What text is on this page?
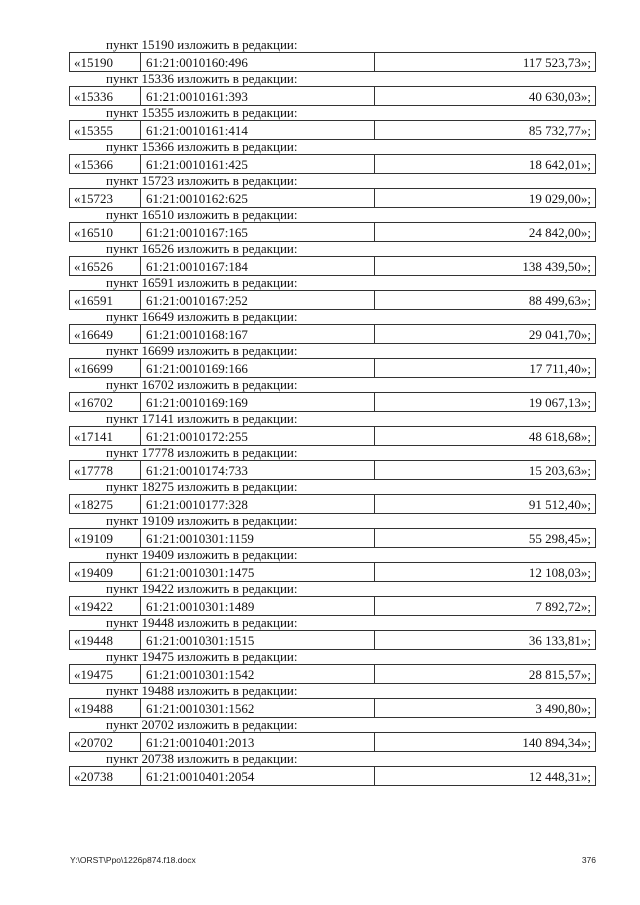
пункт 15190 изложить в редакции:
«15190	61:21:0010160:496	117 523,73»;
пункт 15336 изложить в редакции:
«15336	61:21:0010161:393	40 630,03»;
пункт 15355 изложить в редакции:
«15355	61:21:0010161:414	85 732,77»;
пункт 15366 изложить в редакции:
«15366	61:21:0010161:425	18 642,01»;
пункт 15723 изложить в редакции:
«15723	61:21:0010162:625	19 029,00»;
пункт 16510 изложить в редакции:
«16510	61:21:0010167:165	24 842,00»;
пункт 16526 изложить в редакции:
«16526	61:21:0010167:184	138 439,50»;
пункт 16591 изложить в редакции:
«16591	61:21:0010167:252	88 499,63»;
пункт 16649 изложить в редакции:
«16649	61:21:0010168:167	29 041,70»;
пункт 16699 изложить в редакции:
«16699	61:21:0010169:166	17 711,40»;
пункт 16702 изложить в редакции:
«16702	61:21:0010169:169	19 067,13»;
пункт 17141 изложить в редакции:
«17141	61:21:0010172:255	48 618,68»;
пункт 17778 изложить в редакции:
«17778	61:21:0010174:733	15 203,63»;
пункт 18275 изложить в редакции:
«18275	61:21:0010177:328	91 512,40»;
пункт 19109 изложить в редакции:
«19109	61:21:0010301:1159	55 298,45»;
пункт 19409 изложить в редакции:
«19409	61:21:0010301:1475	12 108,03»;
пункт 19422 изложить в редакции:
«19422	61:21:0010301:1489	7 892,72»;
пункт 19448 изложить в редакции:
«19448	61:21:0010301:1515	36 133,81»;
пункт 19475 изложить в редакции:
«19475	61:21:0010301:1542	28 815,57»;
пункт 19488 изложить в редакции:
«19488	61:21:0010301:1562	3 490,80»;
пункт 20702 изложить в редакции:
«20702	61:21:0010401:2013	140 894,34»;
пункт 20738 изложить в редакции:
«20738	61:21:0010401:2054	12 448,31»;
Y:\ORST\Ppo\1226p874.f18.docx	376
